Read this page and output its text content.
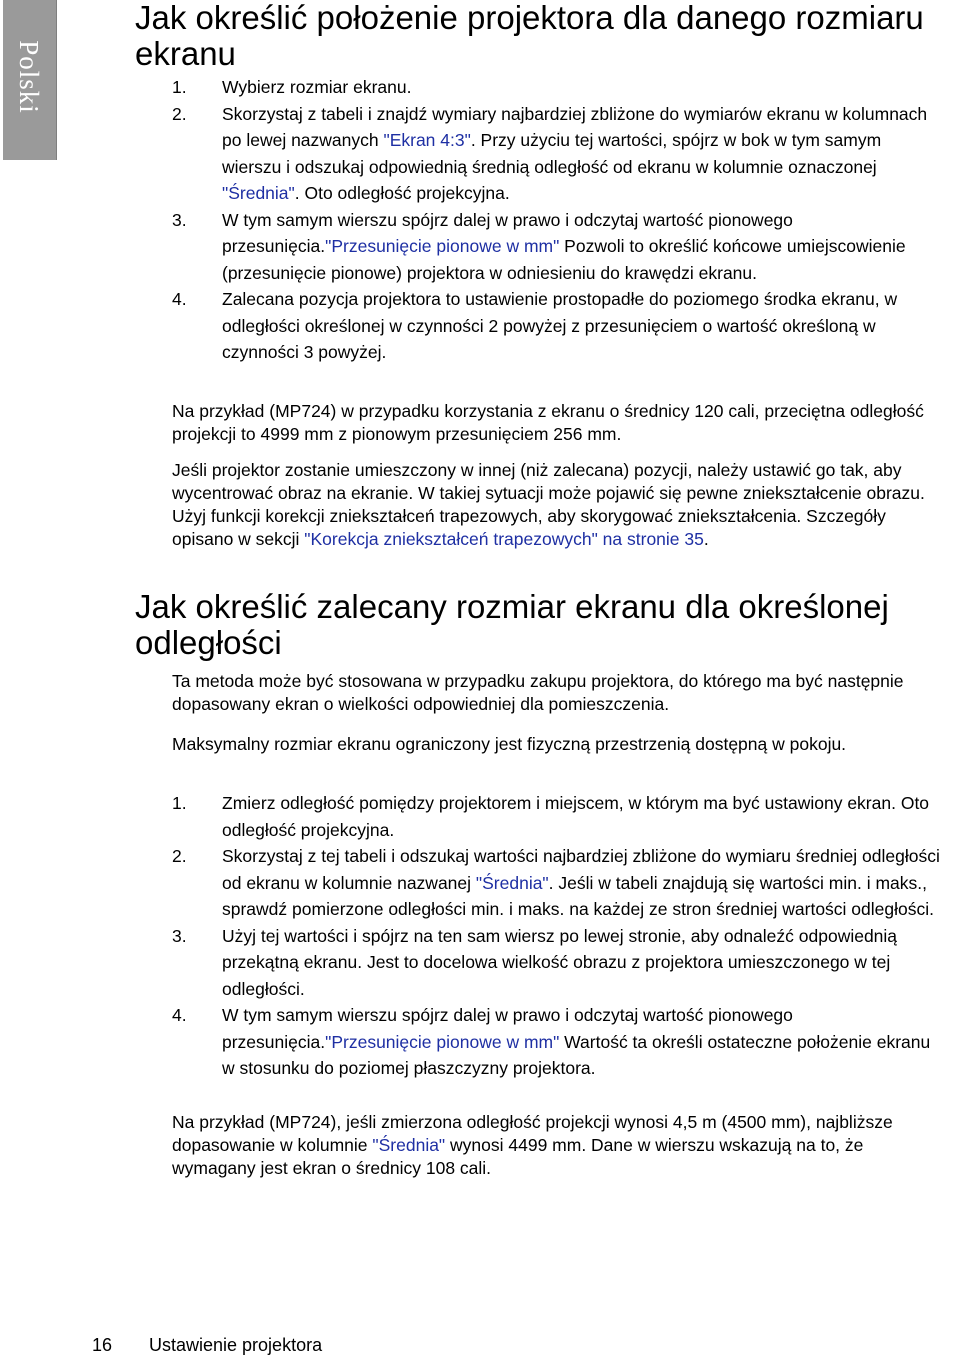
Polski
Jak określić położenie projektora dla danego rozmiaru ekranu
1. Wybierz rozmiar ekranu.
2. Skorzystaj z tabeli i znajdź wymiary najbardziej zbliżone do wymiarów ekranu w kolumnach po lewej nazwanych "Ekran 4:3". Przy użyciu tej wartości, spójrz w bok w tym samym wierszu i odszukaj odpowiednią średnią odległość od ekranu w kolumnie oznaczonej "Średnia". Oto odległość projekcyjna.
3. W tym samym wierszu spójrz dalej w prawo i odczytaj wartość pionowego przesunięcia."Przesunięcie pionowe w mm" Pozwoli to określić końcowe umiejscowienie (przesunięcie pionowe) projektora w odniesieniu do krawędzi ekranu.
4. Zalecana pozycja projektora to ustawienie prostopadłe do poziomego środka ekranu, w odległości określonej w czynności 2 powyżej z przesunięciem o wartość określoną w czynności 3 powyżej.

Na przykład (MP724) w przypadku korzystania z ekranu o średnicy 120 cali, przeciętna odległość projekcji to 4999 mm z pionowym przesunięciem 256 mm.

Jeśli projektor zostanie umieszczony w innej (niż zalecana) pozycji, należy ustawić go tak, aby wycentrować obraz na ekranie. W takiej sytuacji może pojawić się pewne zniekształcenie obrazu. Użyj funkcji korekcji zniekształceń trapezowych, aby skorygować zniekształcenia. Szczegóły opisano w sekcji "Korekcja zniekształceń trapezowych" na stronie 35.

Jak określić zalecany rozmiar ekranu dla określonej odległości

Ta metoda może być stosowana w przypadku zakupu projektora, do którego ma być następnie dopasowany ekran o wielkości odpowiedniej dla pomieszczenia.

Maksymalny rozmiar ekranu ograniczony jest fizyczną przestrzenią dostępną w pokoju.

1. Zmierz odległość pomiędzy projektorem i miejscem, w którym ma być ustawiony ekran. Oto odległość projekcyjna.
2. Skorzystaj z tej tabeli i odszukaj wartości najbardziej zbliżone do wymiaru średniej odległości od ekranu w kolumnie nazwanej "Średnia". Jeśli w tabeli znajdują się wartości min. i maks., sprawdź pomierzone odległości min. i maks. na każdej ze stron średniej wartości odległości.
3. Użyj tej wartości i spójrz na ten sam wiersz po lewej stronie, aby odnaleźć odpowiednią przekątną ekranu. Jest to docelowa wielkość obrazu z projektora umieszczonego w tej odległości.
4. W tym samym wierszu spójrz dalej w prawo i odczytaj wartość pionowego przesunięcia."Przesunięcie pionowe w mm" Wartość ta określi ostateczne położenie ekranu w stosunku do poziomej płaszczyzny projektora.

Na przykład (MP724), jeśli zmierzona odległość projekcji wynosi 4,5 m (4500 mm), najbliższe dopasowanie w kolumnie "Średnia" wynosi 4499 mm. Dane w wierszu wskazują na to, że wymagany jest ekran o średnicy 108 cali.

16 Ustawienie projektora
